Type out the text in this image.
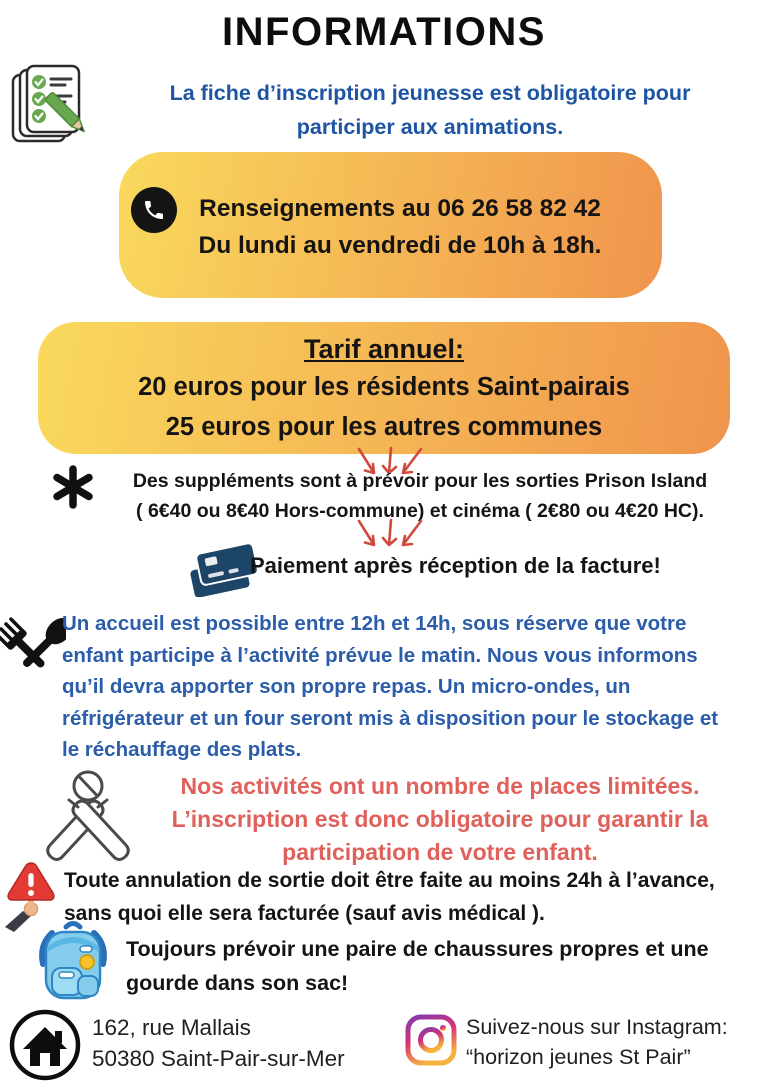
INFORMATIONS
La fiche d’inscription jeunesse est obligatoire pour
participer aux animations.
Renseignements au 06 26 58 82 42
Du lundi au vendredi de 10h à 18h.
Tarif annuel:
20 euros pour les résidents Saint-pairais
25 euros pour les autres communes
Des suppléments sont à prévoir pour les sorties Prison Island
( 6€40 ou 8€40 Hors-commune) et cinéma ( 2€80 ou 4€20 HC).
Paiement après réception de la facture!
Un accueil est possible entre 12h et 14h, sous réserve que votre
enfant participe à l’activité prévue le matin. Nous vous informons
qu’il devra apporter son propre repas. Un micro-ondes, un
réfrigérateur et un four seront mis à disposition pour le stockage et
le réchauffage des plats.
Nos activités ont un nombre de places limitées.
L’inscription est donc obligatoire pour garantir la
participation de votre enfant.
Toute annulation de sortie doit être faite au moins 24h à l’avance,
sans quoi elle sera facturée (sauf avis médical ).
Toujours prévoir une paire de chaussures propres et une
gourde dans son sac!
162, rue Mallais
50380 Saint-Pair-sur-Mer
Suivez-nous sur Instagram:
“horizon jeunes St Pair”
